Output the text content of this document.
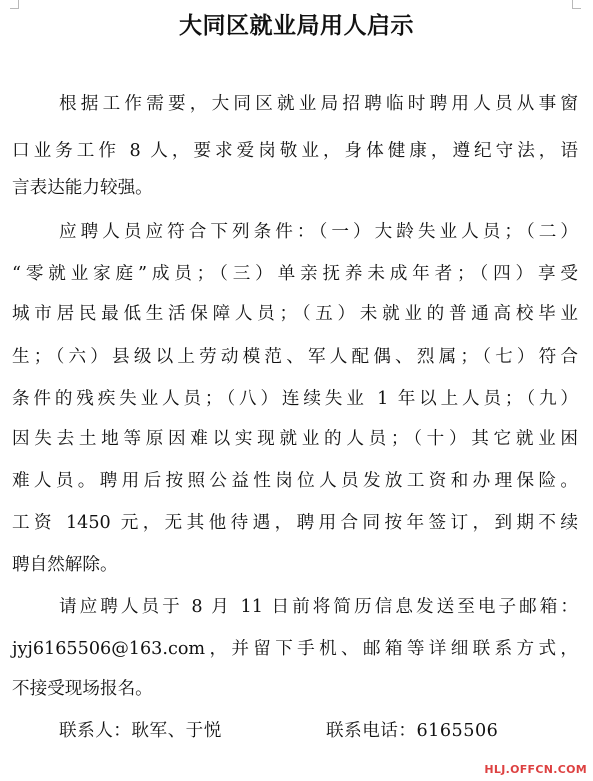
大同区就业局用人启示
根据工作需要，大同区就业局招聘临时聘用人员从事窗
口业务工作 8 人，要求爱岗敬业，身体健康，遵纪守法，语
言表达能力较强。
应聘人员应符合下列条件：（一）大龄失业人员；（二）
“零就业家庭”成员；（三）单亲抚养未成年者；（四）享受
城市居民最低生活保障人员；（五）未就业的普通高校毕业
生；（六）县级以上劳动模范、军人配偶、烈属；（七）符合
条件的残疾失业人员；（八）连续失业 1 年以上人员；（九）
因失去土地等原因难以实现就业的人员；（十）其它就业困
难人员。聘用后按照公益性岗位人员发放工资和办理保险。
工资 1450 元，无其他待遇，聘用合同按年签订，到期不续
聘自然解除。
请应聘人员于 8 月 11 日前将简历信息发送至电子邮箱：
jyj6165506@163.com，并留下手机、邮箱等详细联系方式，
不接受现场报名。
联系人：耿军、于悦	联系电话：6165506
HLJ.OFFCN.COM
